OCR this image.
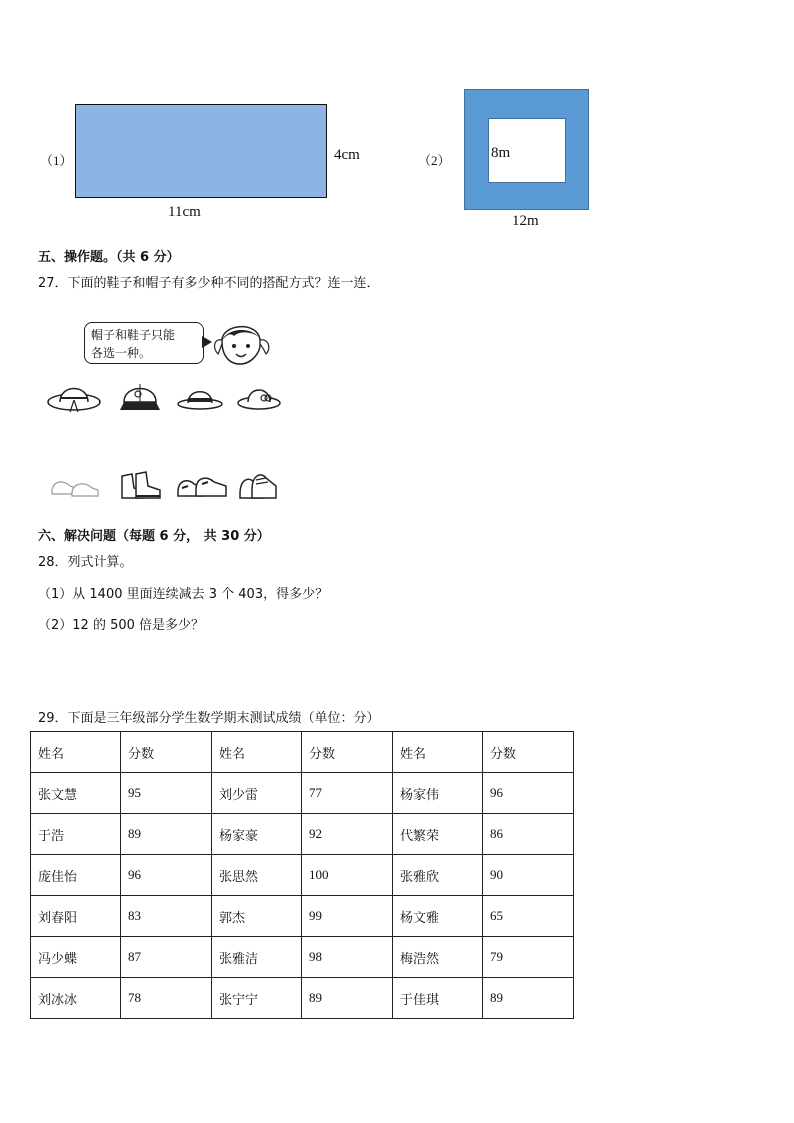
（1）	4cm
11cm
（2）	8m
12m
五、操作题。（共 6 分）
27．下面的鞋子和帽子有多少种不同的搭配方式？连一连．
帽子和鞋子只能
各选一种。
六、解决问题（每题 6 分， 共 30 分）
28．列式计算。
（1）从 1400 里面连续减去 3 个 403，得多少？
（2）12 的 500 倍是多少？
29．下面是三年级部分学生数学期末测试成绩（单位：分）
姓名	分数	姓名	分数	姓名	分数
张文慧	95	刘少雷	77	杨家伟	96
于浩	89	杨家豪	92	代繁荣	86
庞佳怡	96	张思然	100	张雅欣	90
刘春阳	83	郭杰	99	杨文雅	65
冯少蝶	87	张雅洁	98	梅浩然	79
刘冰冰	78	张宁宁	89	于佳琪	89
